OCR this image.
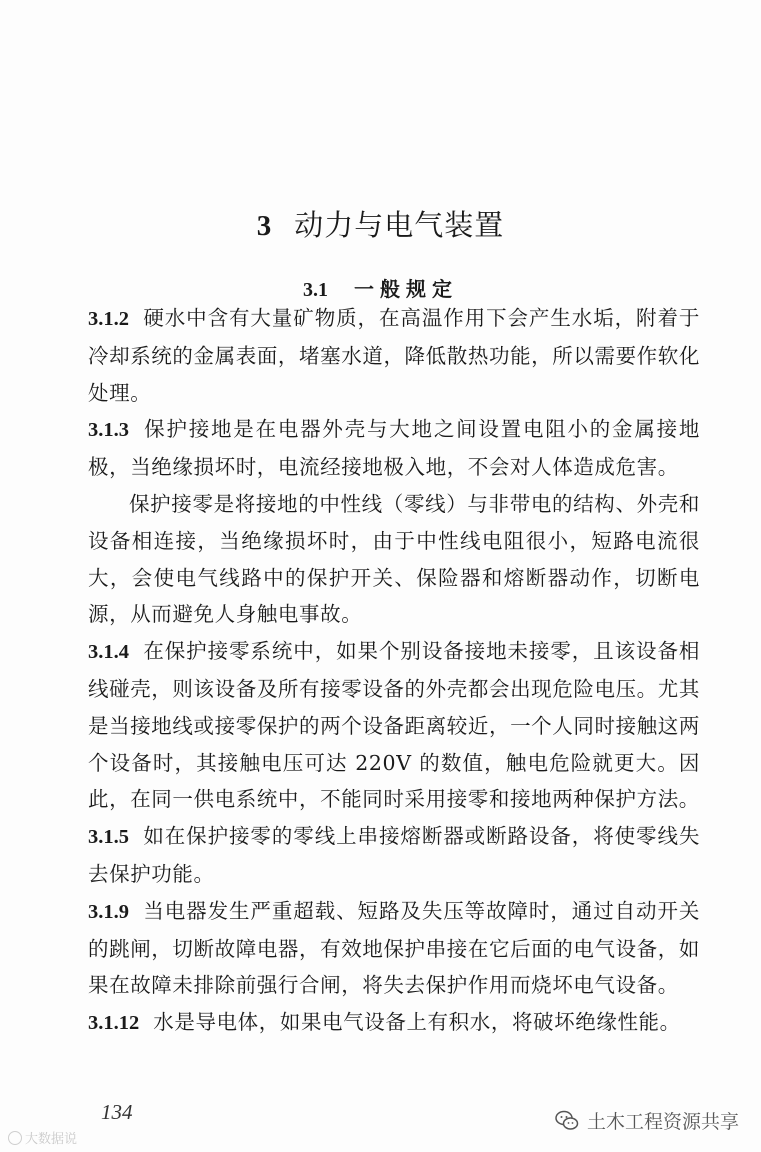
3 动力与电气装置
3.1 一般规定

3.1.2 硬水中含有大量矿物质，在高温作用下会产生水垢，附着于冷却系统的金属表面，堵塞水道，降低散热功能，所以需要作软化处理。

3.1.3 保护接地是在电器外壳与大地之间设置电阻小的金属接地极，当绝缘损坏时，电流经接地极入地，不会对人体造成危害。

保护接零是将接地的中性线（零线）与非带电的结构、外壳和设备相连接，当绝缘损坏时，由于中性线电阻很小，短路电流很大，会使电气线路中的保护开关、保险器和熔断器动作，切断电源，从而避免人身触电事故。

3.1.4 在保护接零系统中，如果个别设备接地未接零，且该设备相线碰壳，则该设备及所有接零设备的外壳都会出现危险电压。尤其是当接地线或接零保护的两个设备距离较近，一个人同时接触这两个设备时，其接触电压可达 220V 的数值，触电危险就更大。因此，在同一供电系统中，不能同时采用接零和接地两种保护方法。

3.1.5 如在保护接零的零线上串接熔断器或断路设备，将使零线失去保护功能。

3.1.9 当电器发生严重超载、短路及失压等故障时，通过自动开关的跳闸，切断故障电器，有效地保护串接在它后面的电气设备，如果在故障未排除前强行合闸，将失去保护作用而烧坏电气设备。

3.1.12 水是导电体，如果电气设备上有积水，将破坏绝缘性能。

134
大数据说
土木工程资源共享
